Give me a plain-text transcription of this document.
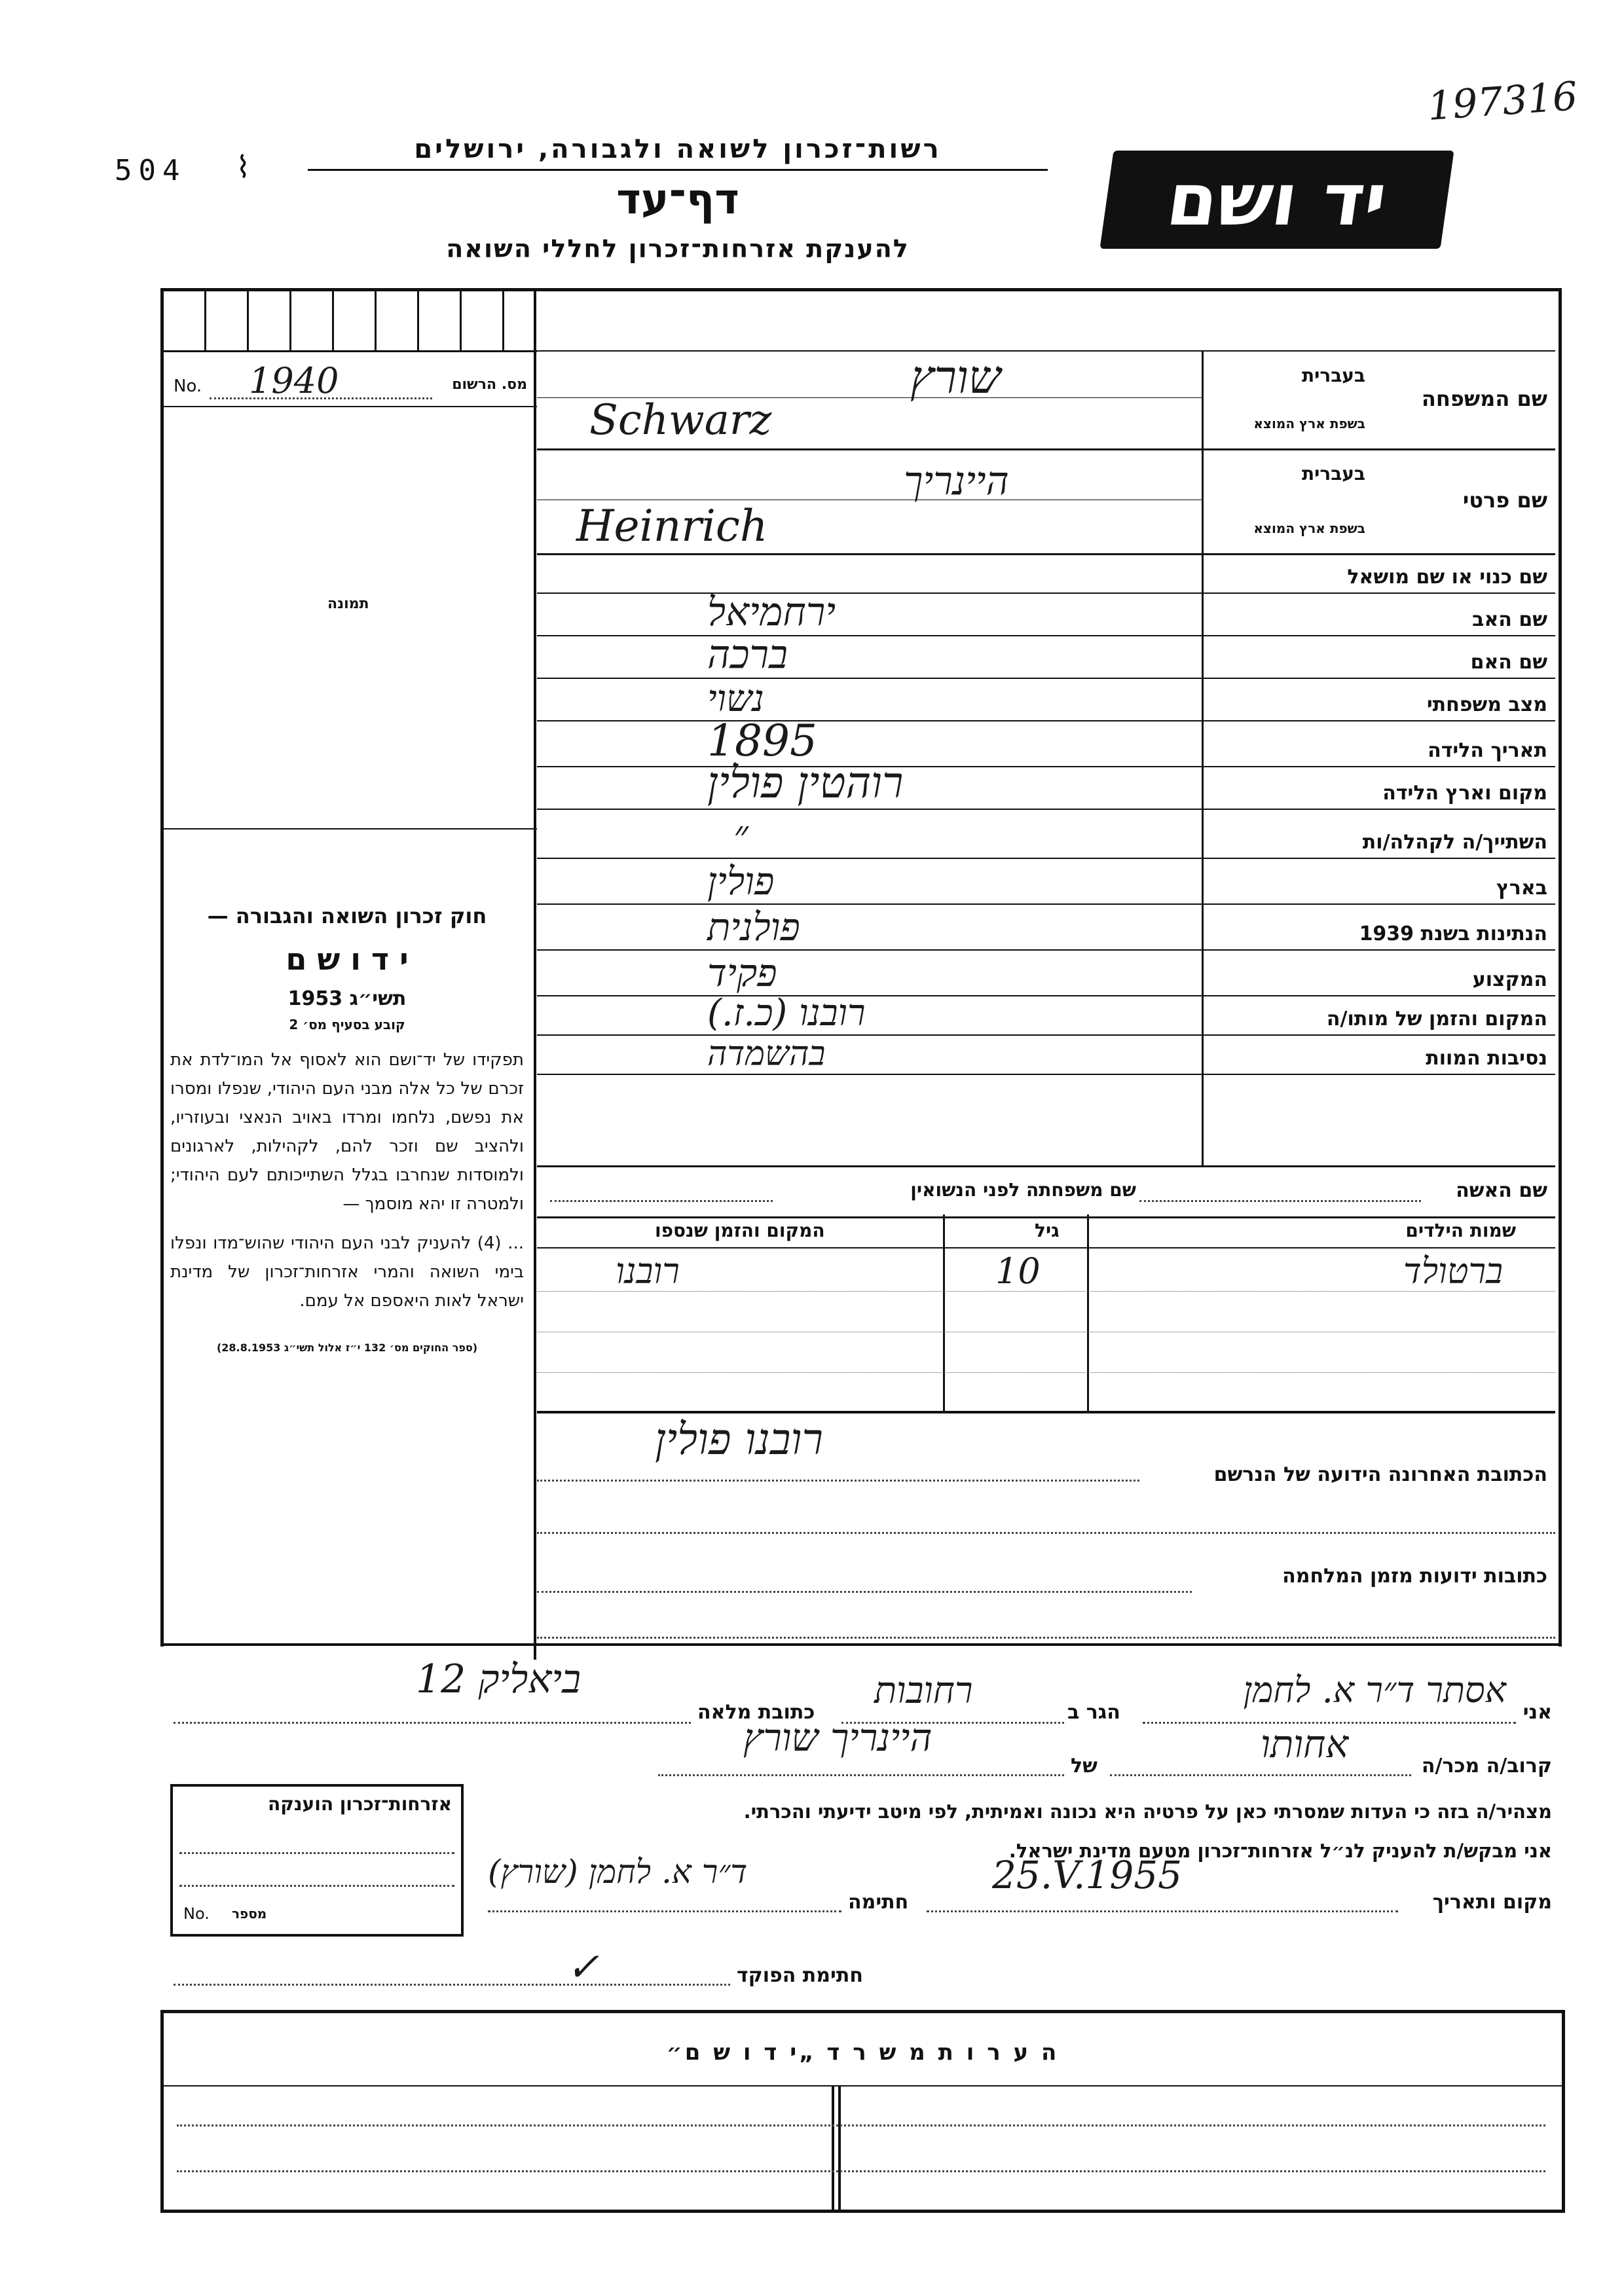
197316
504 ⌇	יד ושם
רשות־זכרון לשואה ולגבורה, ירושלים
דף־עד
להענקת אזרחות־זכרון לחללי השואה
No. 1940	מס. הרשום
תמונה
חוק זכרון השואה והגבורה —
י ד ו ש ם
תשי״ג 1953
קובע בסעיף מס׳ 2
תפקידו של יד־ושם הוא לאסוף אל המו־לדת את זכרם של כל אלה מבני העם היהודי, שנפלו ומסרו את נפשם, נלחמו ומרדו באויב הנאצי ובעוזריו, ולהציב שם וזכר להם, לקהילות, לארגונים ולמוסדות שנחרבו בגלל השתייכותם לעם היהודי; ולמטרה זו יהא מוסמך —
... (4) להעניק לבני העם היהודי שהוש־מדו ונפלו בימי השואה והמרי אזרחות־זכרון של מדינת ישראל לאות היאספם אל עמם.
(ספר החוקים מס׳ 132 י״ז אלול תשי״ג 28.8.1953)
שם המשפחה
בעברית
בשפת ארץ המוצא
שורץ
Schwarz
שם פרטי
בעברית
בשפת ארץ המוצא
היינריך
Heinrich
שם כנוי או שם מושאל
שם האב
ירחמיאל
שם האם
ברכה
מצב משפחתי
נשוי
תאריך הלידה
1895
מקום וארץ הלידה
רוהטין פולין
השתייך/ה לקהלה/ות
״
בארץ
פולין
הנתינות בשנת 1939
פולנית
המקצוע
פקיד
המקום והזמן של מותו/ה
רובנו (כ.ז.)
נסיבות המוות
בהשמדה
שם האשה
שם משפחתה לפני הנשואין
שמות הילדים
גיל
המקום והזמן שנספו
ברטולד
10
רובנו
רובנו פולין
הכתובת האחרונה הידועה של הנרשם
כתובות ידועות מזמן המלחמה
אני
אסתר ד״ר א. לחמן
הגר ב
רחובות
כתובת מלאה
ביאליק 12
קרוב/ה מכר/ה
אחותו
של
היינריך שורץ
מצהיר/ה בזה כי העדות שמסרתי כאן על פרטיה היא נכונה ואמיתית, לפי מיטב ידיעתי והכרתי.
אני מבקש/ת להעניק לנ״ל אזרחות־זכרון מטעם מדינת ישראל.
מקום ותאריך
25.V.1955
חתימה
ד״ר א. לחמן (שורץ)
חתימת הפוקד
✓
אזרחות־זכרון הוענקה
No. מספר
ה ע ר ו ת מ ש ר ד „י ד ו ש ם״
